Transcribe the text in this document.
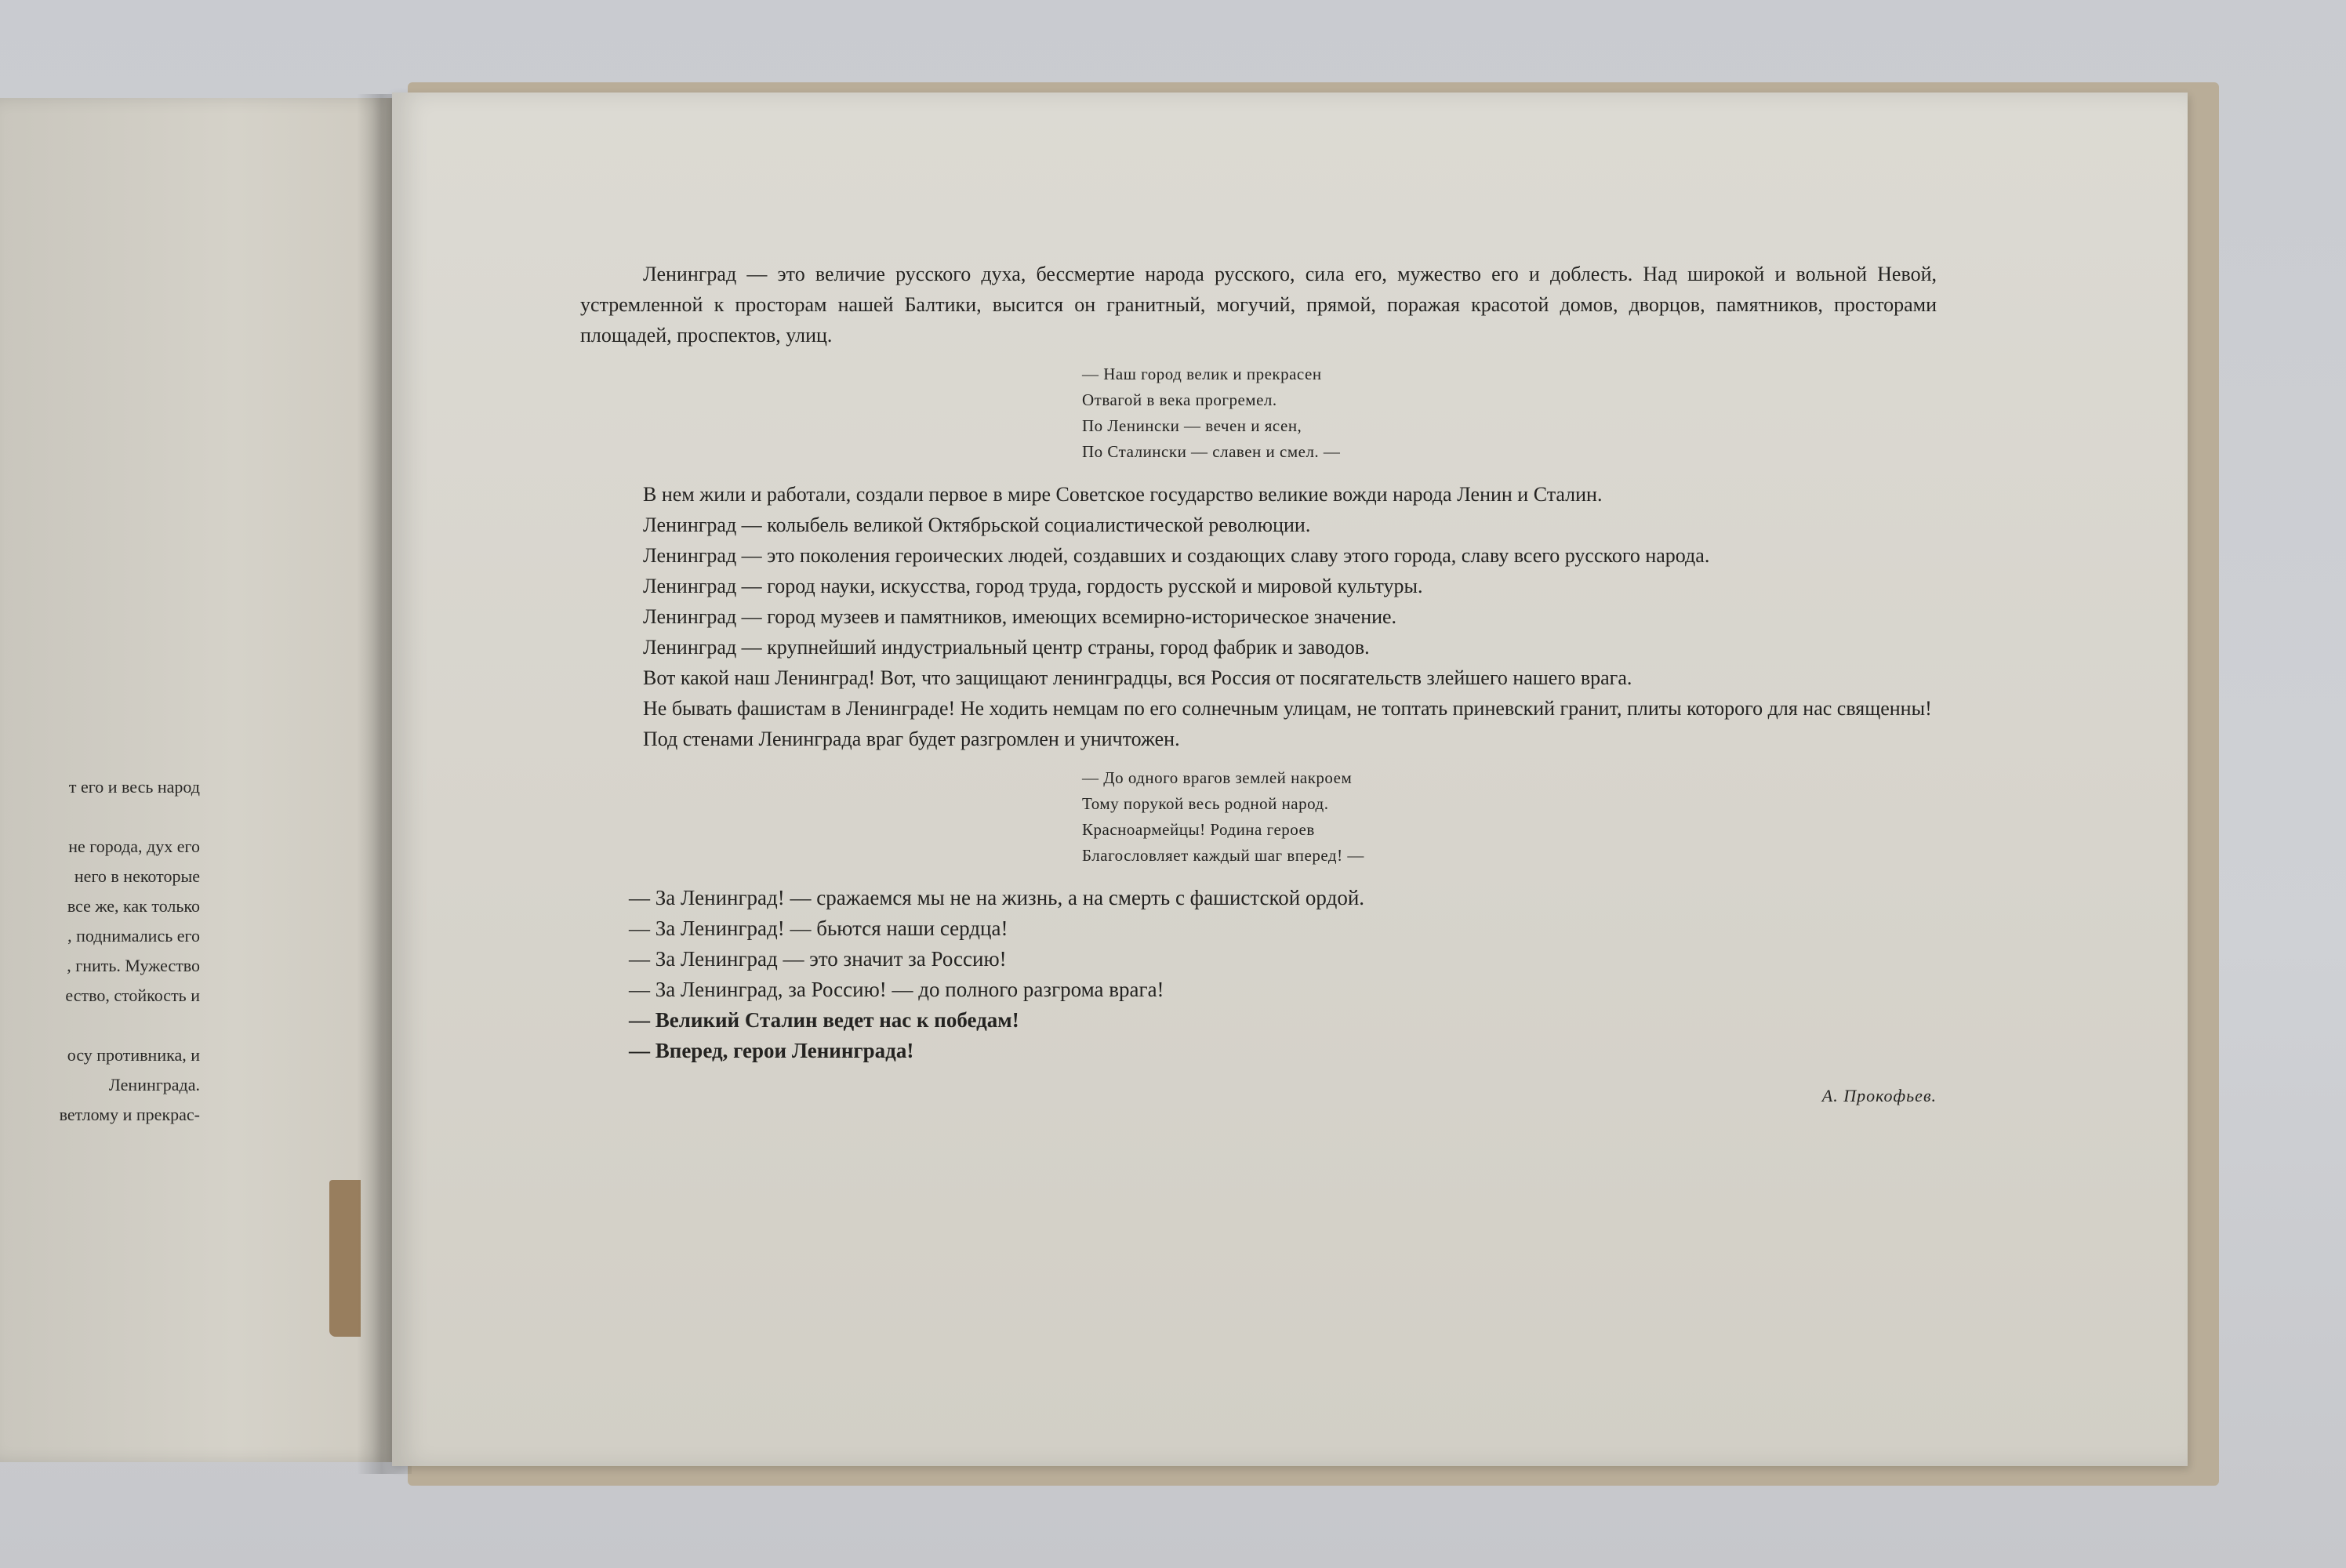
т его и весь народ
не города, дух его
него в некоторые
все же, как только
, поднимались его
, гнить. Мужество
ество, стойкость и
осу противника, и
Ленинграда.
ветлому и прекрас-

Ленинград — это величие русского духа, бессмертие народа русского, сила его, мужество его и доблесть. Над широкой и вольной Невой, устремленной к просторам нашей Балтики, высится он гранитный, могучий, прямой, поражая красотой домов, дворцов, памятников, просторами площадей, проспектов, улиц.

— Наш город велик и прекрасен
Отвагой в века прогремел.
По Ленински — вечен и ясен,
По Сталински — славен и смел. —

В нем жили и работали, создали первое в мире Советское государство великие вожди народа Ленин и Сталин.

Ленинград — колыбель великой Октябрьской социалистической революции.

Ленинград — это поколения героических людей, создавших и создающих славу этого города, славу всего русского народа.

Ленинград — город науки, искусства, город труда, гордость русской и мировой культуры.

Ленинград — город музеев и памятников, имеющих всемирно-историческое значение.

Ленинград — крупнейший индустриальный центр страны, город фабрик и заводов.

Вот какой наш Ленинград! Вот, что защищают ленинградцы, вся Россия от посягательств злейшего нашего врага.

Не бывать фашистам в Ленинграде! Не ходить немцам по его солнечным улицам, не топтать приневский гранит, плиты которого для нас священны!

Под стенами Ленинграда враг будет разгромлен и уничтожен.

— До одного врагов землей накроем
Тому порукой весь родной народ.
Красноармейцы! Родина героев
Благословляет каждый шаг вперед! —
— За Ленинград! — сражаемся мы не на жизнь, а на смерть с фашистской ордой.
— За Ленинград! — бьются наши сердца!
— За Ленинград — это значит за Россию!
— За Ленинград, за Россию! — до полного разгрома врага!
— Великий Сталин ведет нас к победам!
— Вперед, герои Ленинграда!
А. Прокофьев.
